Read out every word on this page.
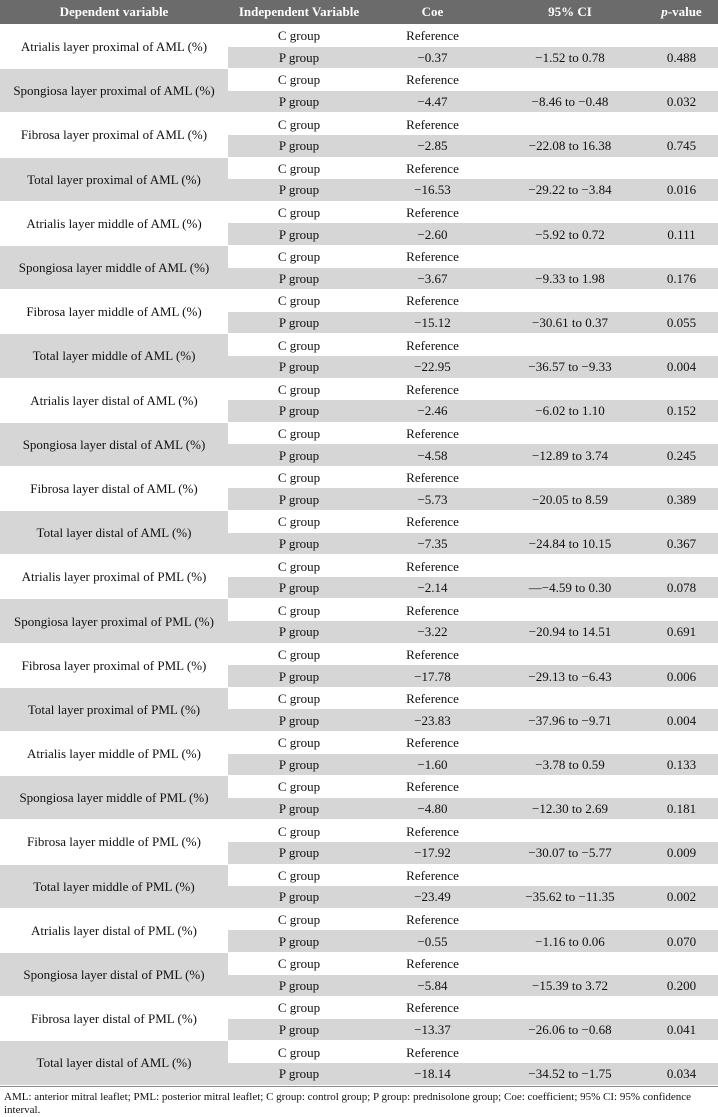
Dependent variable	Independent Variable	Coe	95% CI	p-value
Atrialis layer proximal of AML (%)	C group	Reference		
	P group	−0.37	−1.52 to 0.78	0.488
Spongiosa layer proximal of AML (%)	C group	Reference		
	P group	−4.47	−8.46 to −0.48	0.032
Fibrosa layer proximal of AML (%)	C group	Reference		
	P group	−2.85	−22.08 to 16.38	0.745
Total layer proximal of AML (%)	C group	Reference		
	P group	−16.53	−29.22 to −3.84	0.016
Atrialis layer middle of AML (%)	C group	Reference		
	P group	−2.60	−5.92 to 0.72	0.111
Spongiosa layer middle of AML (%)	C group	Reference		
	P group	−3.67	−9.33 to 1.98	0.176
Fibrosa layer middle of AML (%)	C group	Reference		
	P group	−15.12	−30.61 to 0.37	0.055
Total layer middle of AML (%)	C group	Reference		
	P group	−22.95	−36.57 to −9.33	0.004
Atrialis layer distal of AML (%)	C group	Reference		
	P group	−2.46	−6.02 to 1.10	0.152
Spongiosa layer distal of AML (%)	C group	Reference		
	P group	−4.58	−12.89 to 3.74	0.245
Fibrosa layer distal of AML (%)	C group	Reference		
	P group	−5.73	−20.05 to 8.59	0.389
Total layer distal of AML (%)	C group	Reference		
	P group	−7.35	−24.84 to 10.15	0.367
Atrialis layer proximal of PML (%)	C group	Reference		
	P group	−2.14	—−4.59 to 0.30	0.078
Spongiosa layer proximal of PML (%)	C group	Reference		
	P group	−3.22	−20.94 to 14.51	0.691
Fibrosa layer proximal of PML (%)	C group	Reference		
	P group	−17.78	−29.13 to −6.43	0.006
Total layer proximal of PML (%)	C group	Reference		
	P group	−23.83	−37.96 to −9.71	0.004
Atrialis layer middle of PML (%)	C group	Reference		
	P group	−1.60	−3.78 to 0.59	0.133
Spongiosa layer middle of PML (%)	C group	Reference		
	P group	−4.80	−12.30 to 2.69	0.181
Fibrosa layer middle of PML (%)	C group	Reference		
	P group	−17.92	−30.07 to −5.77	0.009
Total layer middle of PML (%)	C group	Reference		
	P group	−23.49	−35.62 to −11.35	0.002
Atrialis layer distal of PML (%)	C group	Reference		
	P group	−0.55	−1.16 to 0.06	0.070
Spongiosa layer distal of PML (%)	C group	Reference		
	P group	−5.84	−15.39 to 3.72	0.200
Fibrosa layer distal of PML (%)	C group	Reference		
	P group	−13.37	−26.06 to −0.68	0.041
Total layer distal of AML (%)	C group	Reference		
	P group	−18.14	−34.52 to −1.75	0.034
AML: anterior mitral leaflet; PML: posterior mitral leaflet; C group: control group; P group: prednisolone group; Coe: coefficient; 95% CI: 95% confidence interval.
